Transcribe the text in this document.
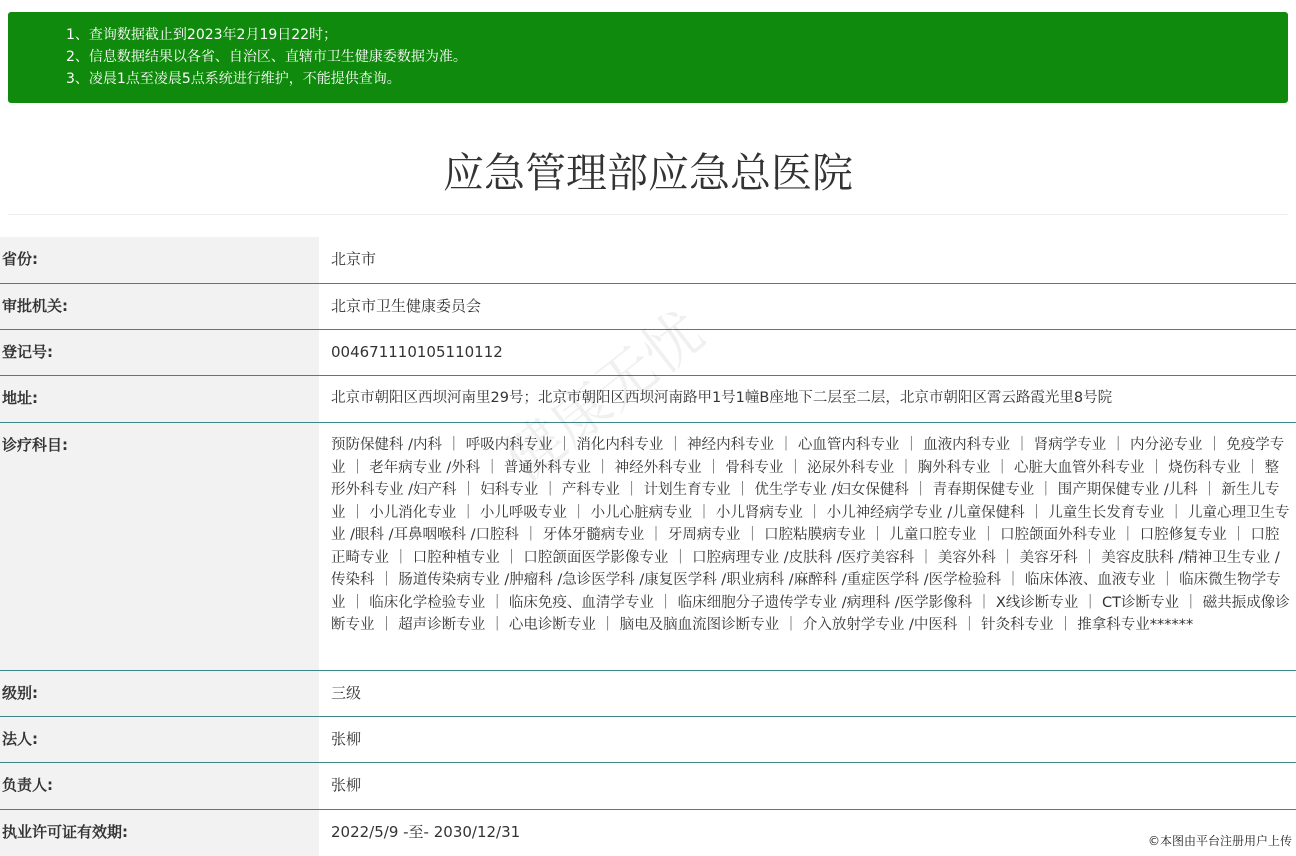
1、查询数据截止到2023年2月19日22时；
2、信息数据结果以各省、自治区、直辖市卫生健康委数据为准。
3、凌晨1点至凌晨5点系统进行维护，不能提供查询。
应急管理部应急总医院
省份:	北京市
审批机关:	北京市卫生健康委员会
登记号:	004671110105110112
地址:	北京市朝阳区西坝河南里29号；北京市朝阳区西坝河南路甲1号1幢B座地下二层至二层，北京市朝阳区霄云路霞光里8号院
诊疗科目:	预防保健科 /内科 ｜ 呼吸内科专业 ｜ 消化内科专业 ｜ 神经内科专业 ｜ 心血管内科专业 ｜ 血液内科专业 ｜ 肾病学专业 ｜ 内分泌专业 ｜ 免疫学专业 ｜ 老年病专业 /外科 ｜ 普通外科专业 ｜ 神经外科专业 ｜ 骨科专业 ｜ 泌尿外科专业 ｜ 胸外科专业 ｜ 心脏大血管外科专业 ｜ 烧伤科专业 ｜ 整形外科专业 /妇产科 ｜ 妇科专业 ｜ 产科专业 ｜ 计划生育专业 ｜ 优生学专业 /妇女保健科 ｜ 青春期保健专业 ｜ 围产期保健专业 /儿科 ｜ 新生儿专业 ｜ 小儿消化专业 ｜ 小儿呼吸专业 ｜ 小儿心脏病专业 ｜ 小儿肾病专业 ｜ 小儿神经病学专业 /儿童保健科 ｜ 儿童生长发育专业 ｜ 儿童心理卫生专业 /眼科 /耳鼻咽喉科 /口腔科 ｜ 牙体牙髓病专业 ｜ 牙周病专业 ｜ 口腔粘膜病专业 ｜ 儿童口腔专业 ｜ 口腔颌面外科专业 ｜ 口腔修复专业 ｜ 口腔正畸专业 ｜ 口腔种植专业 ｜ 口腔颌面医学影像专业 ｜ 口腔病理专业 /皮肤科 /医疗美容科 ｜ 美容外科 ｜ 美容牙科 ｜ 美容皮肤科 /精神卫生专业 /传染科 ｜ 肠道传染病专业 /肿瘤科 /急诊医学科 /康复医学科 /职业病科 /麻醉科 /重症医学科 /医学检验科 ｜ 临床体液、血液专业 ｜ 临床微生物学专业 ｜ 临床化学检验专业 ｜ 临床免疫、血清学专业 ｜ 临床细胞分子遗传学专业 /病理科 /医学影像科 ｜ X线诊断专业 ｜ CT诊断专业 ｜ 磁共振成像诊断专业 ｜ 超声诊断专业 ｜ 心电诊断专业 ｜ 脑电及脑血流图诊断专业 ｜ 介入放射学专业 /中医科 ｜ 针灸科专业 ｜ 推拿科专业******
级别:	三级
法人:	张柳
负责人:	张柳
执业许可证有效期:	2022/5/9 -至- 2030/12/31
健康无忧
©本图由平台注册用户上传
